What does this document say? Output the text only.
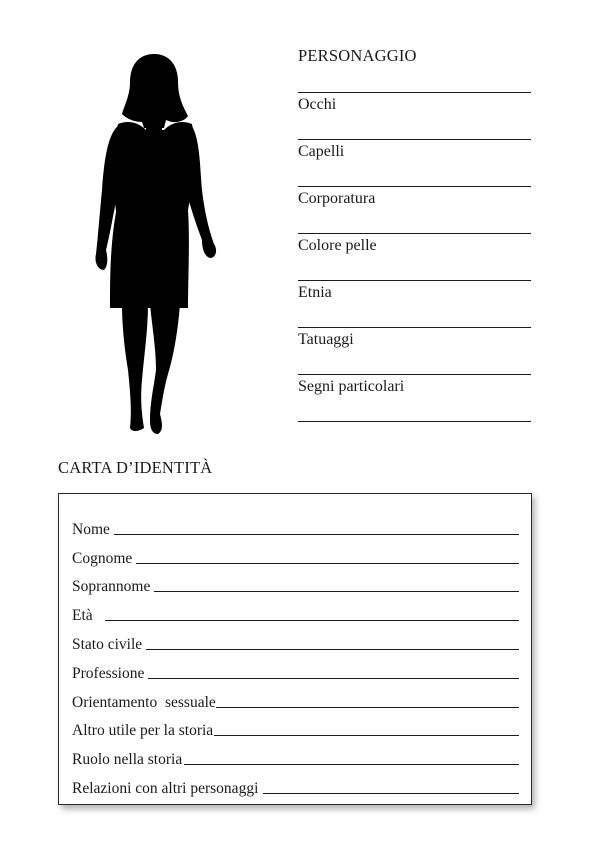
PERSONAGGIO
Occhi
Capelli
Corporatura
Colore pelle
Etnia
Tatuaggi
Segni particolari
CARTA D’IDENTITÀ
Nome
Cognome
Soprannome
Età
Stato civile
Professione
Orientamento  sessuale
Altro utile per la storia
Ruolo nella storia
Relazioni con altri personaggi
